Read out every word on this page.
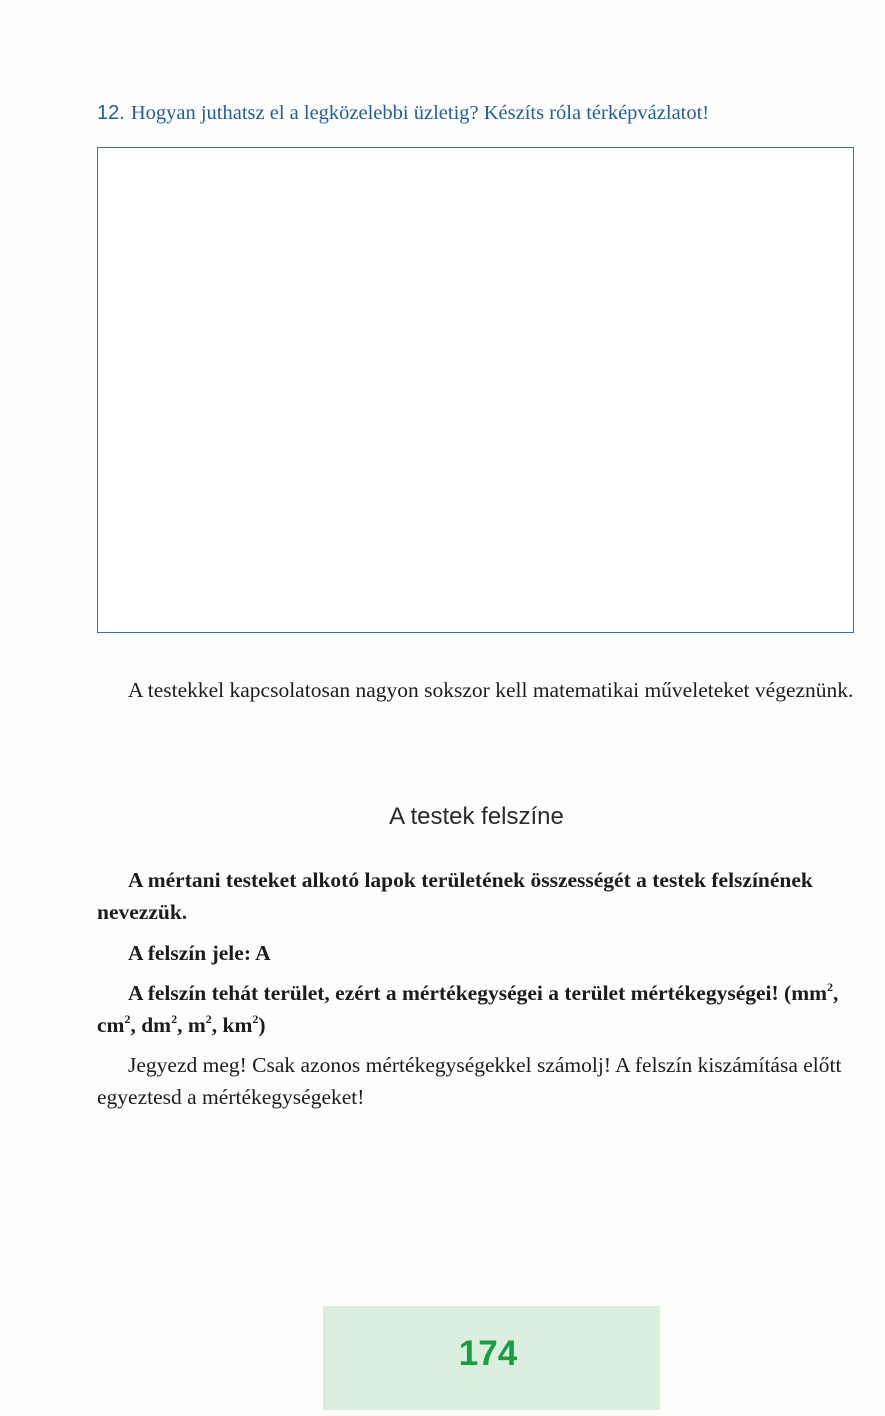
12. Hogyan juthatsz el a legközelebbi üzletig? Készíts róla térképvázlatot!
A testekkel kapcsolatosan nagyon sokszor kell matematikai műveleteket végeznünk.
A testek felszíne
A mértani testeket alkotó lapok területének összességét a testek felszínének nevezzük.
A felszín jele: A
A felszín tehát terület, ezért a mértékegységei a terület mértékegységei! ($mm^2$, $cm^2$, $dm^2$, $m^2$, $km^2$)
Jegyezd meg! Csak azonos mértékegységekkel számolj! A felszín kiszámítása előtt egyeztesd a mértékegységeket!
174
